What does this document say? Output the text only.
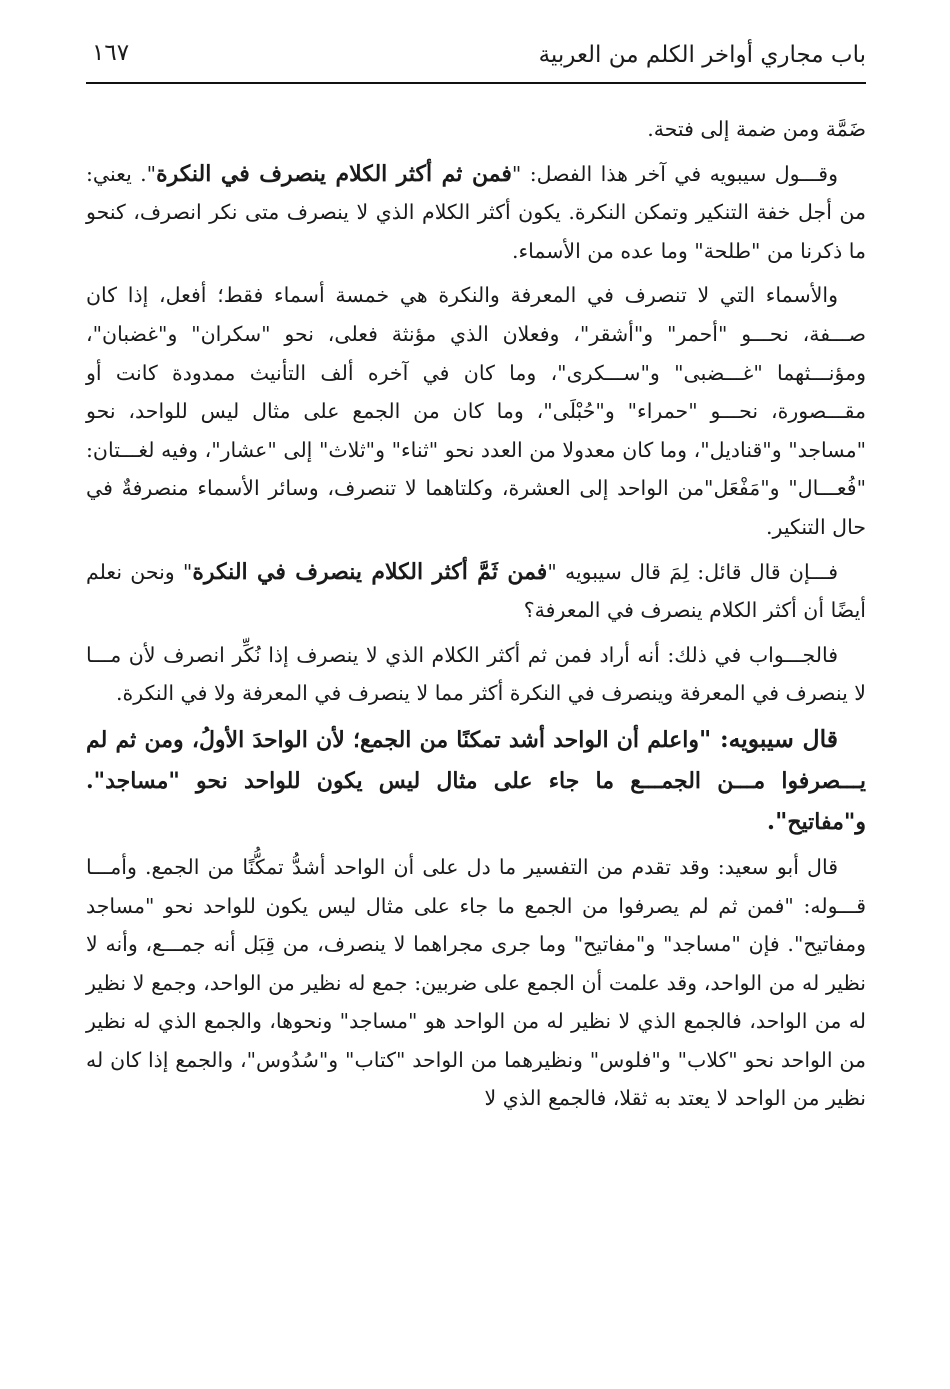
باب مجاري أواخر الكلم من العربية
١٦٧

ضَمَّة ومن ضمة إلى فتحة.

وقـــول سيبويه في آخر هذا الفصل: "فمن ثم أكثر الكلام ينصرف في النكرة". يعني: من أجل خفة التنكير وتمكن النكرة. يكون أكثر الكلام الذي لا ينصرف متى نكر انصرف، كنحو ما ذكرنا من "طلحة" وما عده من الأسماء.

والأسماء التي لا تنصرف في المعرفة والنكرة هي خمسة أسماء فقط؛ أفعل، إذا كان صـــفة، نحـــو "أحمر" و"أشقر"، وفعلان الذي مؤنثة فعلى، نحو "سكران" و"غضبان"، ومؤنـــثهما "غـــضبى" و"ســـكرى"، وما كان في آخره ألف التأنيث ممدودة كانت أو مقـــصورة، نحـــو "حمراء" و"حُبْلَى"، وما كان من الجمع على مثال ليس للواحد، نحو "مساجد" و"قناديل"، وما كان معدولا من العدد نحو "ثناء" و"ثلاث" إلى "عشار"، وفيه لغـــتان: "فُعـــال" و"مَفْعَل"من الواحد إلى العشرة، وكلتاهما لا تنصرف، وسائر الأسماء منصرفةٌ في حال التنكير.

فـــإن قال قائل: لِمَ قال سيبويه "فمن ثَمَّ أكثر الكلام ينصرف في النكرة" ونحن نعلم أيضًا أن أكثر الكلام ينصرف في المعرفة؟

فالجـــواب في ذلك: أنه أراد فمن ثم أكثر الكلام الذي لا ينصرف إذا نُكِّر انصرف لأن مـــا لا ينصرف في المعرفة وينصرف في النكرة أكثر مما لا ينصرف في المعرفة ولا في النكرة.

قال سيبويه: "واعلم أن الواحد أشد تمكنًا من الجمع؛ لأن الواحدَ الأولُ، ومن ثم لم يـــصرفوا مـــن الجمـــع ما جاء على مثال ليس يكون للواحد نحو "مساجد". و"مفاتيح".

قال أبو سعيد: وقد تقدم من التفسير ما دل على أن الواحد أشدُّ تمكُّنًا من الجمع. وأمـــا قـــوله: "فمن ثم لم يصرفوا من الجمع ما جاء على مثال ليس يكون للواحد نحو "مساجد ومفاتيح". فإن "مساجد" و"مفاتيح" وما جرى مجراهما لا ينصرف، من قِبَل أنه جمـــع، وأنه لا نظير له من الواحد، وقد علمت أن الجمع على ضربين: جمع له نظير من الواحد، وجمع لا نظير له من الواحد، فالجمع الذي لا نظير له من الواحد هو "مساجد" ونحوها، والجمع الذي له نظير من الواحد نحو "كلاب" و"فلوس" ونظيرهما من الواحد "كتاب" و"سُدُوس"، والجمع إذا كان له نظير من الواحد لا يعتد به ثقلا، فالجمع الذي لا
